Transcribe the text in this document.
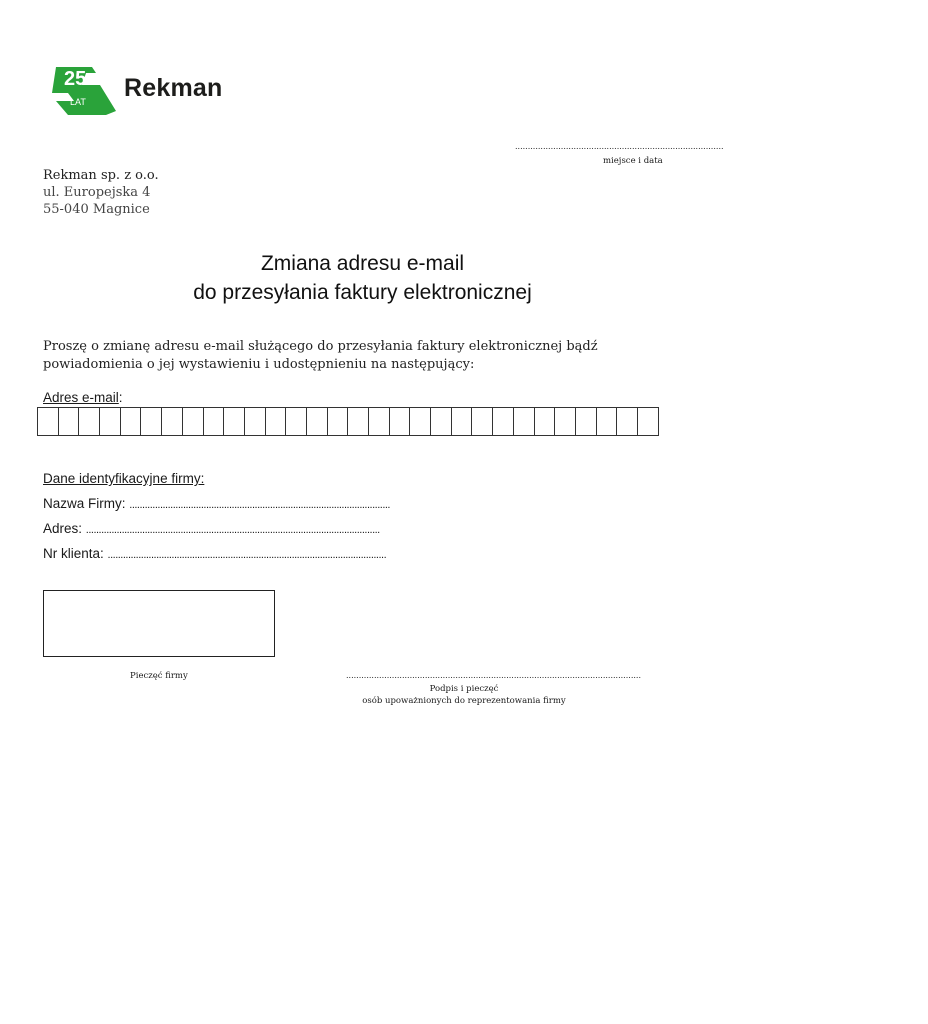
25
LAT Rekman
..................................................................................
miejsce i data
Rekman sp. z o.o.
ul. Europejska 4
55-040 Magnice
Zmiana adresu e-mail
do przesyłania faktury elektronicznej
Proszę o zmianę adresu e-mail służącego do przesyłania faktury elektronicznej bądź powiadomienia o jej wystawieniu i udostępnieniu na następujący:
Adres e-mail:
Dane identyfikacyjne firmy:
Nazwa Firmy: ......................................................................................................
Adres: ...................................................................................................................
Nr klienta: .............................................................................................................
Pieczęć firmy	....................................................................................................................
Podpis i pieczęć
osób upoważnionych do reprezentowania firmy
